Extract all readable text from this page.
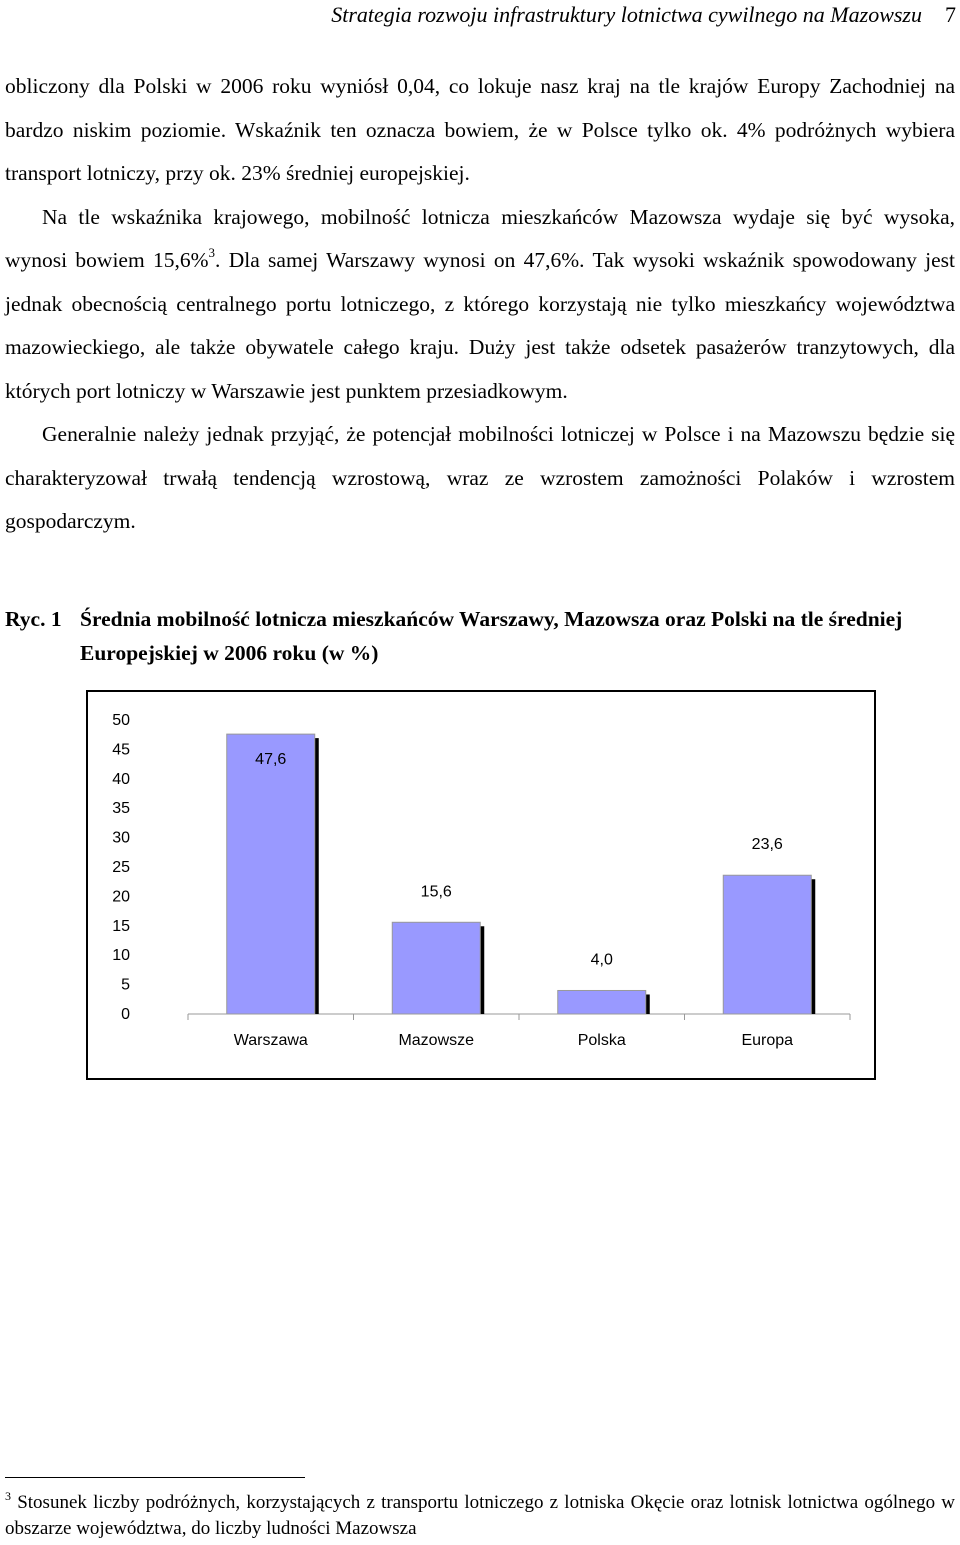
Strategia rozwoju infrastruktury lotnictwa cywilnego na Mazowszu 7

obliczony dla Polski w 2006 roku wyniósł 0,04, co lokuje nasz kraj na tle krajów Europy Zachodniej na bardzo niskim poziomie. Wskaźnik ten oznacza bowiem, że w Polsce tylko ok. 4% podróżnych wybiera transport lotniczy, przy ok. 23% średniej europejskiej.

Na tle wskaźnika krajowego, mobilność lotnicza mieszkańców Mazowsza wydaje się być wysoka, wynosi bowiem 15,6%$^3$. Dla samej Warszawy wynosi on 47,6%. Tak wysoki wskaźnik spowodowany jest jednak obecnością centralnego portu lotniczego, z którego korzystają nie tylko mieszkańcy województwa mazowieckiego, ale także obywatele całego kraju. Duży jest także odsetek pasażerów tranzytowych, dla których port lotniczy w Warszawie jest punktem przesiadkowym.

Generalnie należy jednak przyjąć, że potencjał mobilności lotniczej w Polsce i na Mazowszu będzie się charakteryzował trwałą tendencją wzrostową, wraz ze wzrostem zamożności Polaków i wzrostem gospodarczym.

Ryc. 1 Średnia mobilność lotnicza mieszkańców Warszawy, Mazowsza oraz Polski na tle średniej Europejskiej w 2006 roku (w %)
50
45
40
35
30
25
20
15
10
5
0
47,6
Warszawa
15,6
Mazowsze
4,0
Polska
23,6
Europa
$^3$ Stosunek liczby podróżnych, korzystających z transportu lotniczego z lotniska Okęcie oraz lotnisk lotnictwa ogólnego w obszarze województwa, do liczby ludności Mazowsza
